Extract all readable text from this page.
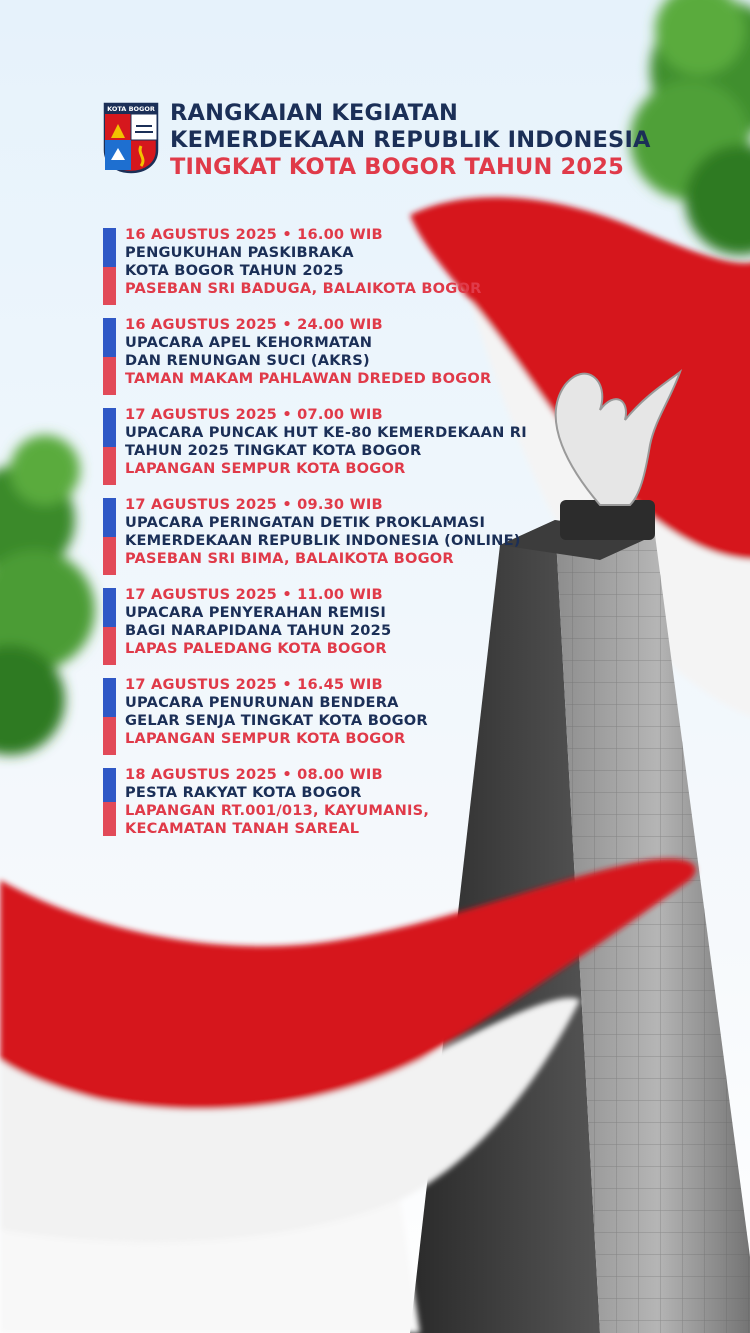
KOTA BOGOR RANGKAIAN KEGIATAN
KEMERDEKAAN REPUBLIK INDONESIA
TINGKAT KOTA BOGOR TAHUN 2025
16 AGUSTUS 2025 • 16.00 WIB
PENGUKUHAN PASKIBRAKA
KOTA BOGOR TAHUN 2025
PASEBAN SRI BADUGA, BALAIKOTA BOGOR
16 AGUSTUS 2025 • 24.00 WIB
UPACARA APEL KEHORMATAN
DAN RENUNGAN SUCI (AKRS)
TAMAN MAKAM PAHLAWAN DREDED BOGOR
17 AGUSTUS 2025 • 07.00 WIB
UPACARA PUNCAK HUT KE-80 KEMERDEKAAN RI
TAHUN 2025 TINGKAT KOTA BOGOR
LAPANGAN SEMPUR KOTA BOGOR
17 AGUSTUS 2025 • 09.30 WIB
UPACARA PERINGATAN DETIK PROKLAMASI
KEMERDEKAAN REPUBLIK INDONESIA (ONLINE)
PASEBAN SRI BIMA, BALAIKOTA BOGOR
17 AGUSTUS 2025 • 11.00 WIB
UPACARA PENYERAHAN REMISI
BAGI NARAPIDANA TAHUN 2025
LAPAS PALEDANG KOTA BOGOR
17 AGUSTUS 2025 • 16.45 WIB
UPACARA PENURUNAN BENDERA
GELAR SENJA TINGKAT KOTA BOGOR
LAPANGAN SEMPUR KOTA BOGOR
18 AGUSTUS 2025 • 08.00 WIB
PESTA RAKYAT KOTA BOGOR
LAPANGAN RT.001/013, KAYUMANIS,
KECAMATAN TANAH SAREAL
